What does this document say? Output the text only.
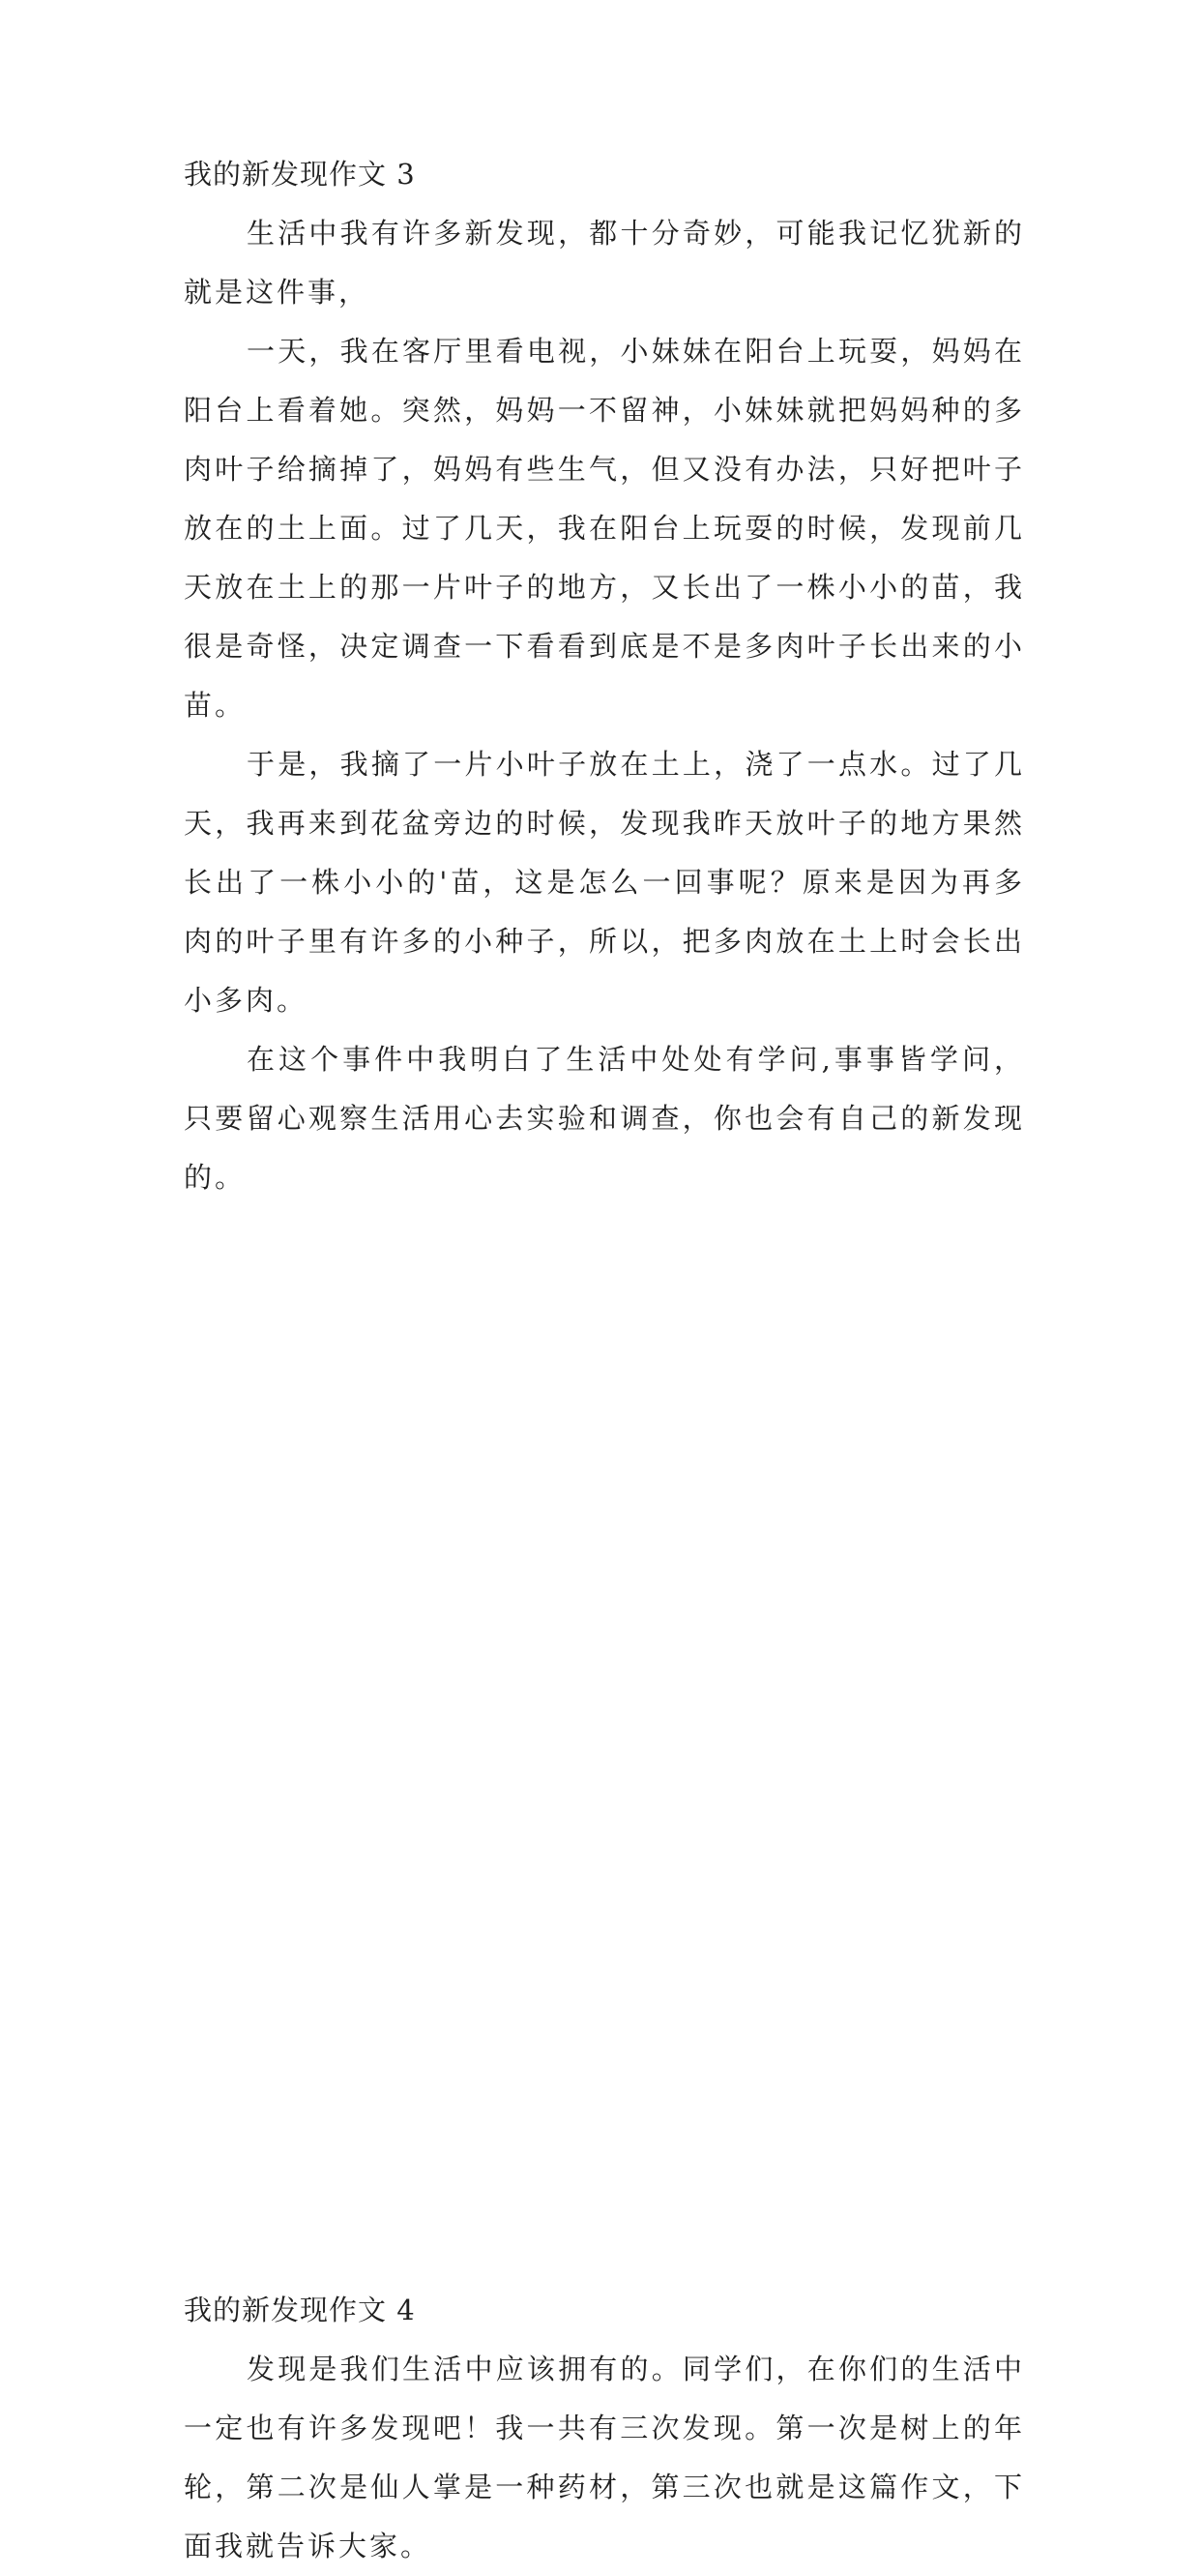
我的新发现作文 3

生活中我有许多新发现，都十分奇妙，可能我记忆犹新的就是这件事，

一天，我在客厅里看电视，小妹妹在阳台上玩耍，妈妈在阳台上看着她。突然，妈妈一不留神，小妹妹就把妈妈种的多肉叶子给摘掉了，妈妈有些生气，但又没有办法，只好把叶子放在的土上面。过了几天，我在阳台上玩耍的时候，发现前几天放在土上的那一片叶子的地方，又长出了一株小小的苗，我很是奇怪，决定调查一下看看到底是不是多肉叶子长出来的小苗。

于是，我摘了一片小叶子放在土上，浇了一点水。过了几天，我再来到花盆旁边的时候，发现我昨天放叶子的地方果然长出了一株小小的'苗，这是怎么一回事呢？原来是因为再多肉的叶子里有许多的小种子，所以，把多肉放在土上时会长出小多肉。

在这个事件中我明白了生活中处处有学问,事事皆学问，只要留心观察生活用心去实验和调查，你也会有自己的新发现的。

我的新发现作文 4

发现是我们生活中应该拥有的。同学们，在你们的生活中一定也有许多发现吧！我一共有三次发现。第一次是树上的年轮，第二次是仙人掌是一种药材，第三次也就是这篇作文，下面我就告诉大家。
